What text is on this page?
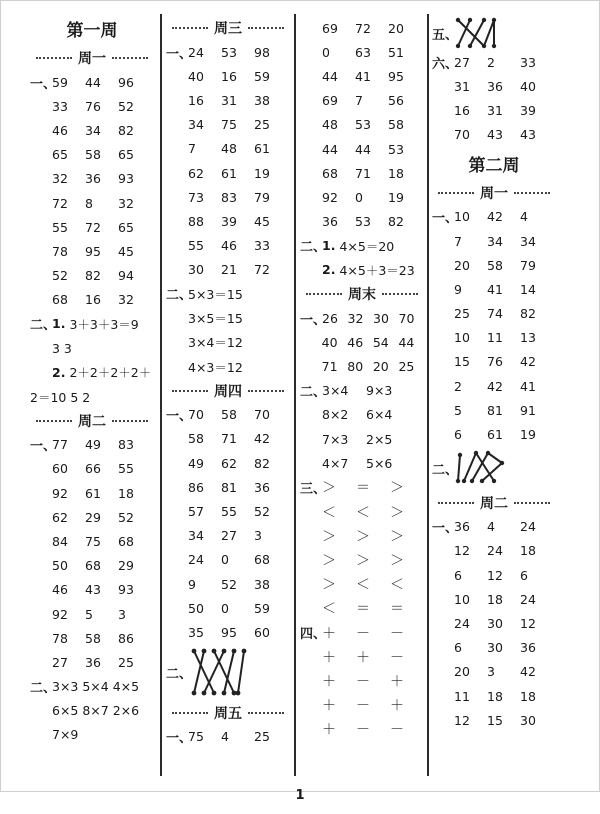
第一周
周一
一、
59	44	96
33	76	52
46	34	82
65	58	65
32	36	93
72	8	32
55	72	65
78	95	45
52	82	94
68	16	32
二、
1. 3＋3＋3＝9
3 3
2. 2＋2＋2＋2＋
2＝10 5 2
周二
一、
77	49	83
60	66	55
92	61	18
62	29	52
84	75	68
50	68	29
46	43	93
92	5	3
78	58	86
27	36	25
二、
3×3 5×4 4×5
6×5 8×7 2×6
7×9
周三
一、
24	53	98
40	16	59
16	31	38
34	75	25
7	48	61
62	61	19
73	83	79
88	39	45
55	46	33
30	21	72
二、
5×3＝15
3×5＝15
3×4＝12
4×3＝12
周四
一、
70	58	70
58	71	42
49	62	82
86	81	36
57	55	52
34	27	3
24	0	68
9	52	38
50	0	59
35	95	60
二、
周五
一、
75	4	25
69	72	20
0	63	51
44	41	95
69	7	56
48	53	58
44	44	53
68	71	18
92	0	19
36	53	82
二、
1. 4×5＝20
2. 4×5＋3＝23
周末
一、
26 32 30 70
40 46 54 44
71 80 20 25
二、
3×4	9×3
8×2	6×4
7×3	2×5
4×7	5×6
三、
＞	＝	＞
＜	＜	＞
＞	＞	＞
＞	＞	＞
＞	＜	＜
＜	＝	＝
四、
＋	－	－
＋	＋	－
＋	－	＋
＋	－	＋
＋	－	－
五、
六、
27	2	33
31	36	40
16	31	39
70	43	43
第二周
周一
一、
10	42	4
7	34	34
20	58	79
9	41	14
25	74	82
10	11	13
15	76	42
2	42	41
5	81	91
6	61	19
二、
周二
一、
36	4	24
12	24	18
6	12	6
10	18	24
24	30	12
6	30	36
20	3	42
11	18	18
12	15	30
1
